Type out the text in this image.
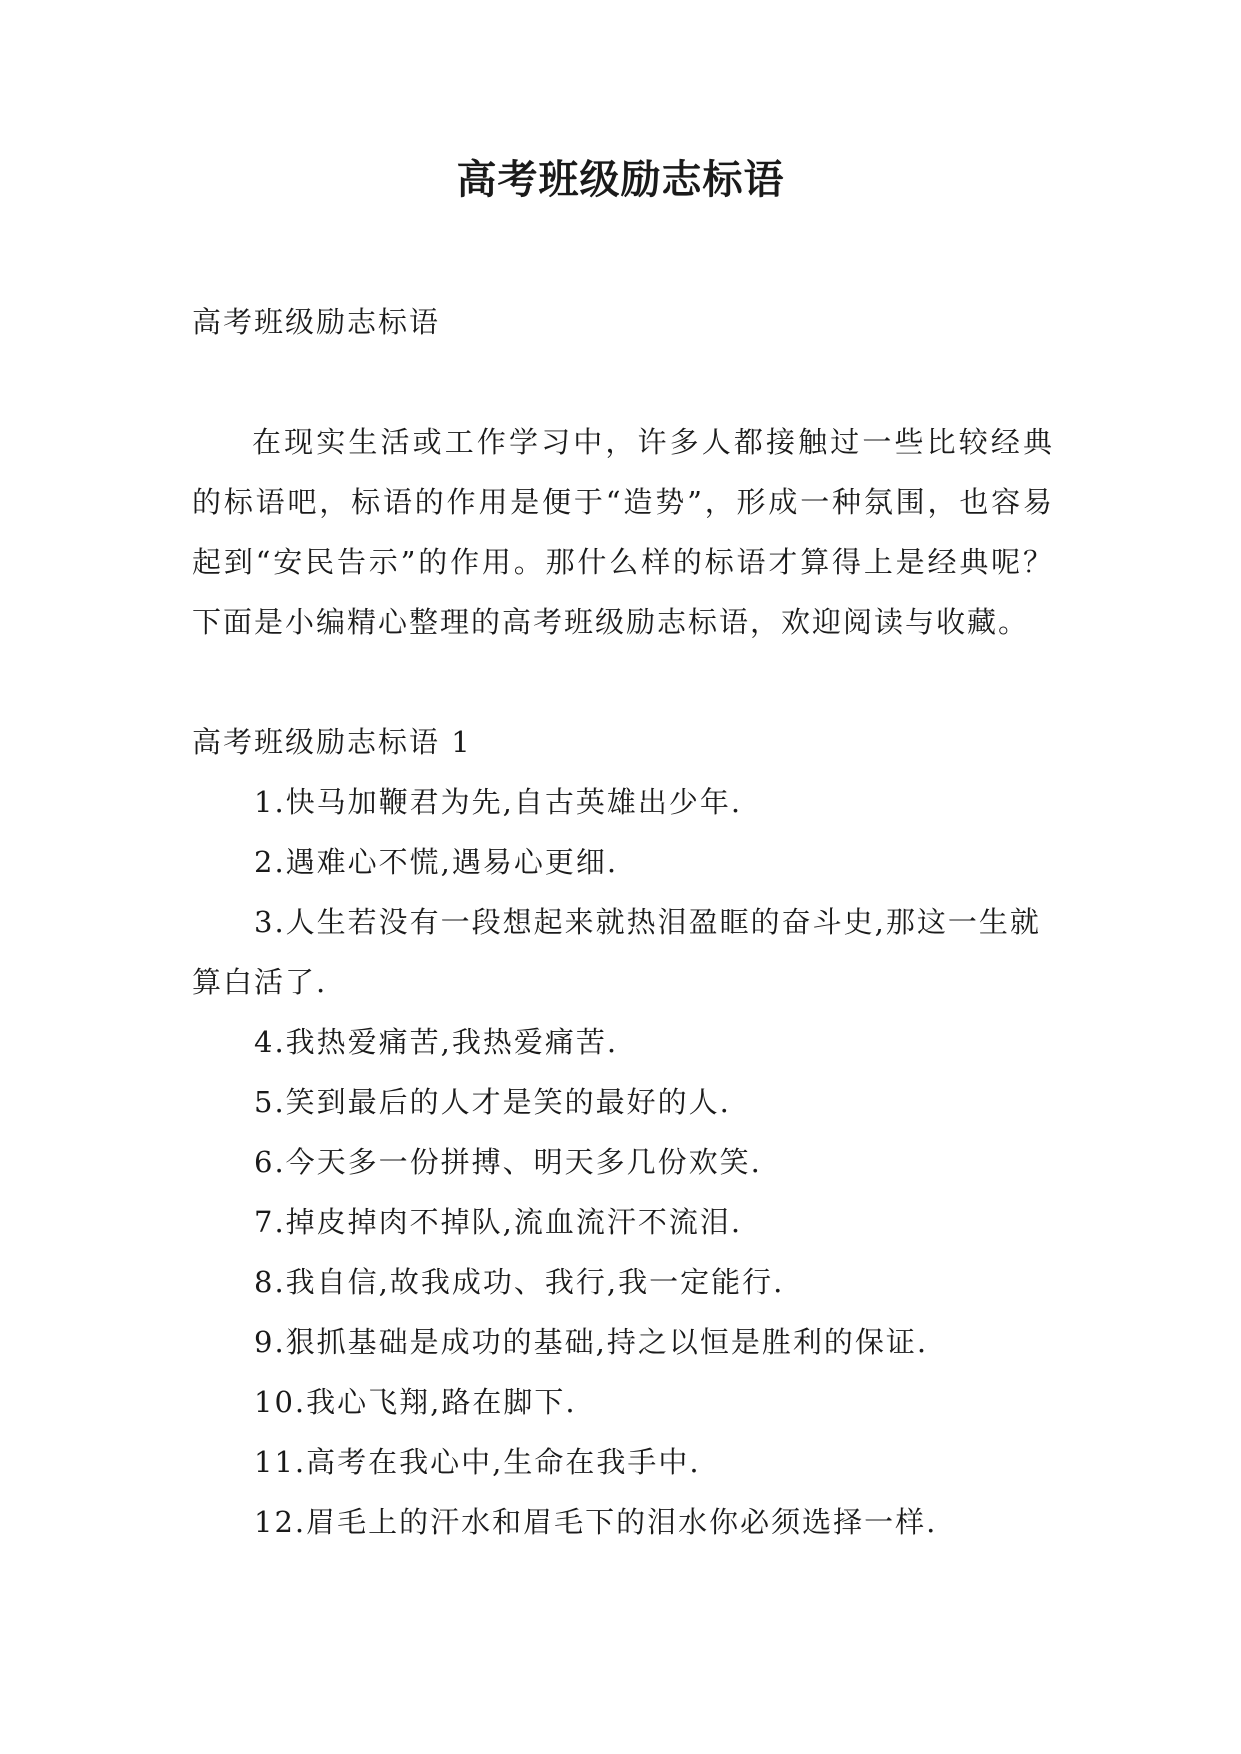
高考班级励志标语

高考班级励志标语

在现实生活或工作学习中，许多人都接触过一些比较经典的标语吧，标语的作用是便于“造势”，形成一种氛围，也容易起到“安民告示”的作用。那什么样的标语才算得上是经典呢？下面是小编精心整理的高考班级励志标语，欢迎阅读与收藏。

高考班级励志标语 1

1.快马加鞭君为先,自古英雄出少年.
2.遇难心不慌,遇易心更细.
3.人生若没有一段想起来就热泪盈眶的奋斗史,那这一生就算白活了.
4.我热爱痛苦,我热爱痛苦.
5.笑到最后的人才是笑的最好的人.
6.今天多一份拼搏、明天多几份欢笑.
7.掉皮掉肉不掉队,流血流汗不流泪.
8.我自信,故我成功、我行,我一定能行.
9.狠抓基础是成功的基础,持之以恒是胜利的保证.
10.我心飞翔,路在脚下.
11.高考在我心中,生命在我手中.
12.眉毛上的汗水和眉毛下的泪水你必须选择一样.
